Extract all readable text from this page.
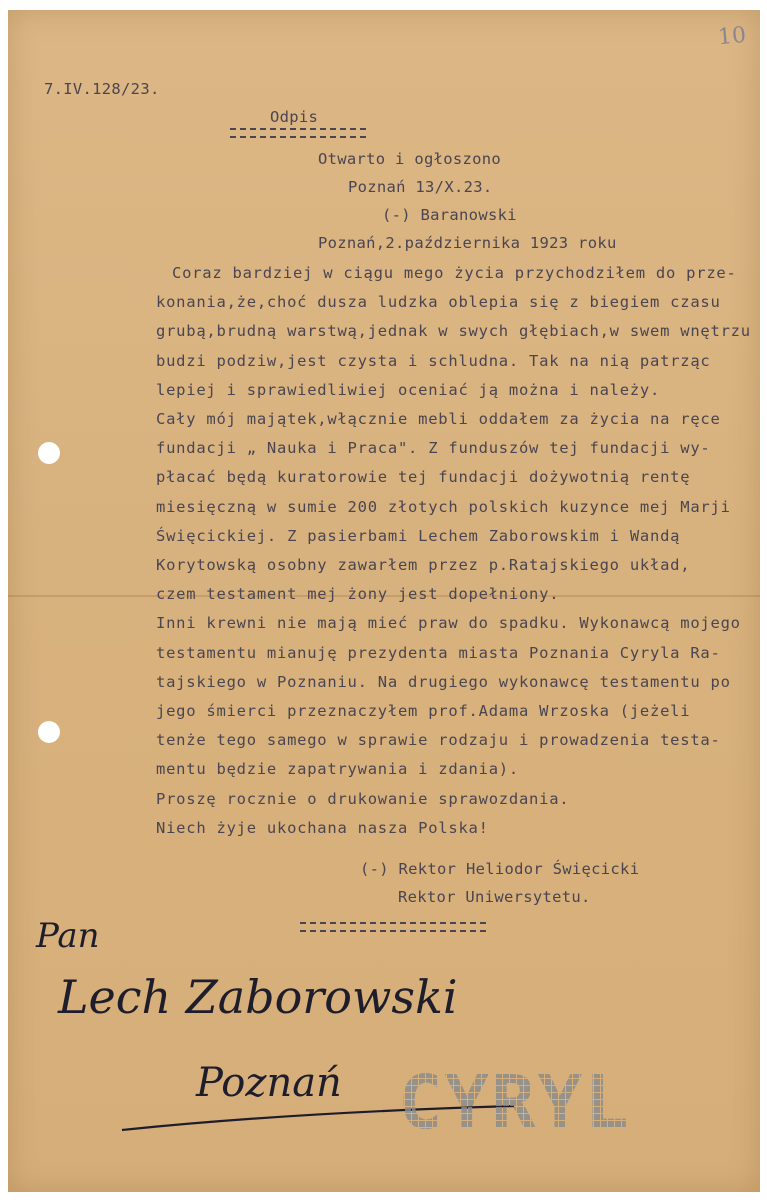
10
7.IV.128/23.
Odpis
Otwarto i ogłoszono
Poznań 13/X.23.
(-) Baranowski
Poznań,2.października 1923 roku
Coraz bardziej w ciągu mego życia przychodziłem do prze-
konania,że,choć dusza ludzka oblepia się z biegiem czasu
grubą,brudną warstwą,jednak w swych głębiach,w swem wnętrzu
budzi podziw,jest czysta i schludna. Tak na nią patrząc
lepiej i sprawiedliwiej oceniać ją można i należy.
Cały mój majątek,włącznie mebli oddałem za życia na ręce
fundacji „ Nauka i Praca". Z funduszów tej fundacji wy-
płacać będą kuratorowie tej fundacji dożywotnią rentę
miesięczną w sumie 200 złotych polskich kuzynce mej Marji
Święcickiej. Z pasierbami Lechem Zaborowskim i Wandą
Korytowską osobny zawarłem przez p.Ratajskiego układ,
czem testament mej żony jest dopełniony.
Inni krewni nie mają mieć praw do spadku. Wykonawcą mojego
testamentu mianuję prezydenta miasta Poznania Cyryla Ra-
tajskiego w Poznaniu. Na drugiego wykonawcę testamentu po
jego śmierci przeznaczyłem prof.Adama Wrzoska (jeżeli
tenże tego samego w sprawie rodzaju i prowadzenia testa-
mentu będzie zapatrywania i zdania).
Proszę rocznie o drukowanie sprawozdania.
Niech żyje ukochana nasza Polska!
(-) Rektor Heliodor Święcicki
Rektor Uniwersytetu.
Pan
Lech Zaborowski
Poznań CYRYL
